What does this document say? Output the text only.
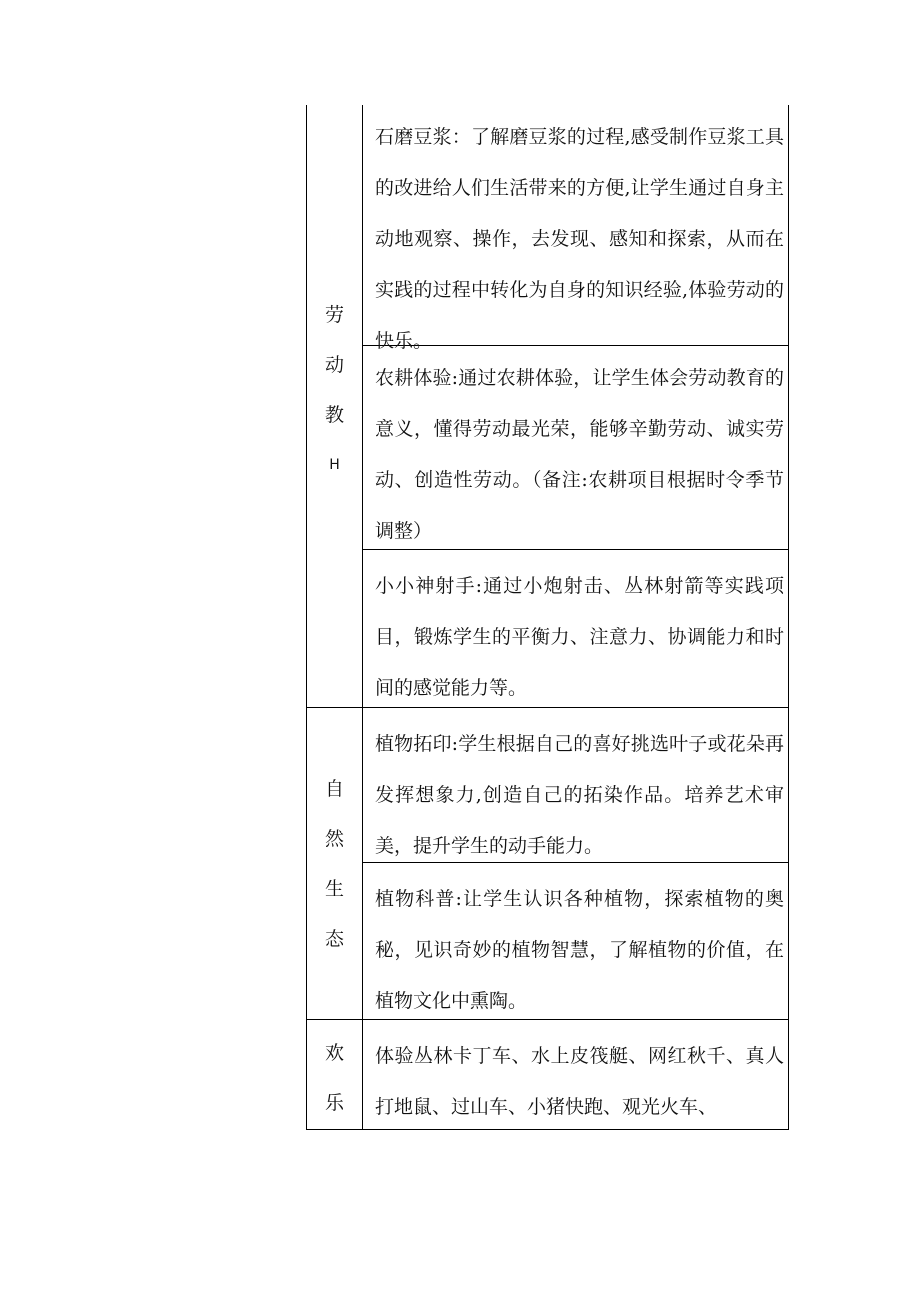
劳
动
教
H
石磨豆浆：了解磨豆浆的过程,感受制作豆浆工具的改进给人们生活带来的方便,让学生通过自身主动地观察、操作，去发现、感知和探索，从而在实践的过程中转化为自身的知识经验,体验劳动的快乐。
农耕体验:通过农耕体验，让学生体会劳动教育的意义，懂得劳动最光荣，能够辛勤劳动、诚实劳动、创造性劳动。（备注:农耕项目根据时令季节调整）
小小神射手:通过小炮射击、丛林射箭等实践项目，锻炼学生的平衡力、注意力、协调能力和时间的感觉能力等。
自
然
生
态
植物拓印:学生根据自己的喜好挑选叶子或花朵再发挥想象力,创造自己的拓染作品。培养艺术审美，提升学生的动手能力。
植物科普:让学生认识各种植物，探索植物的奥秘，见识奇妙的植物智慧，了解植物的价值，在植物文化中熏陶。
欢
乐
体验丛林卡丁车、水上皮筏艇、网红秋千、真人打地鼠、过山车、小猪快跑、观光火车、
